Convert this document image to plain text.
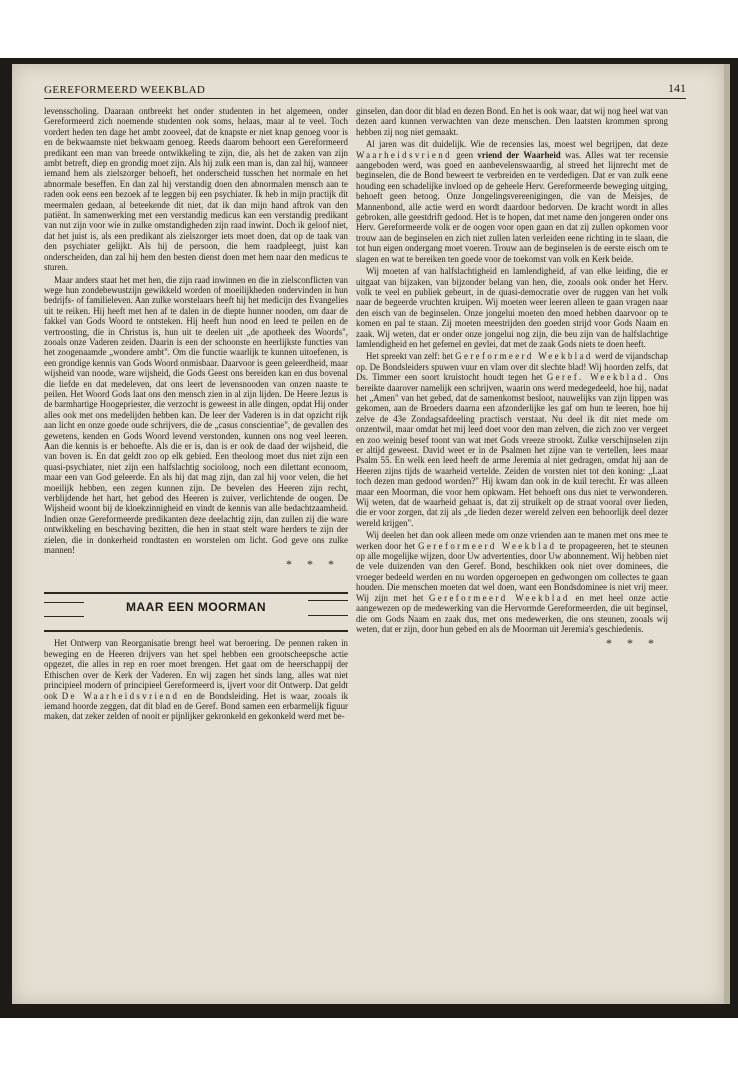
GEREFORMEERD WEEKBLAD	141

levensscholing. Daaraan ontbreekt het onder studenten in het algemeen, onder Gereformeerd zich noemende studenten ook soms, helaas, maar al te veel. Toch vordert heden ten dage het ambt zooveel, dat de knapste er niet knap genoeg voor is en de bekwaamste niet bekwaam genoeg. Reeds daarom behoort een Gereformeerd predikant een man van breede ontwikkeling te zijn, die, als het de zaken van zijn ambt betreft, diep en grondig moet zijn. Als hij zulk een man is, dan zal hij, wanneer iemand hem als zielszorger behoeft, het onderscheid tusschen het normale en het abnormale beseffen. En dan zal hij verstandig doen den abnormalen mensch aan te raden ook eens een bezoek af te leggen bij een psychiater. Ik heb in mijn practijk dit meermalen gedaan, al beteekende dit niet, dat ik dan mijn hand aftrok van den patiënt. In samenwerking met een verstandig medicus kan een verstandig predikant van nut zijn voor wie in zulke omstandigheden zijn raad inwint. Doch ik geloof niet, dat het juist is, als een predikant als zielszorger iets moet doen, dat op de taak van den psychiater gelijkt. Als hij de persoon, die hem raadpleegt, juist kan onderscheiden, dan zal hij hem den besten dienst doen met hem naar den medicus te sturen.

Maar anders staat het met hen, die zijn raad inwinnen en die in zielsconflicten van wege hun zondebewustzijn gewikkeld worden of moeilijkheden ondervinden in hun bedrijfs- of familieleven. Aan zulke worstelaars heeft hij het medicijn des Evangelies uit te reiken. Hij heeft met hen af te dalen in de diepte hunner nooden, om daar de fakkel van Gods Woord te ontsteken. Hij heeft hun nood en leed te peilen en de vertroosting, die in Christus is, hun uit te deelen uit „de apotheek des Woords", zooals onze Vaderen zeiden. Daarin is een der schoonste en heerlijkste functies van het zoogenaamde „wondere ambt". Om die functie waarlijk te kunnen uitoefenen, is een grondige kennis van Gods Woord onmisbaar. Daarvoor is geen geleerdheid, maar wijsheid van noode, ware wijsheid, die Gods Geest ons bereiden kan en dus bovenal die liefde en dat medeleven, dat ons leert de levensnooden van onzen naaste te peilen. Het Woord Gods laat ons den mensch zien in al zijn lijden. De Heere Jezus is de barmhartige Hoogepriester, die verzocht is geweest in alle dingen, opdat Hij onder alles ook met ons medelijden hebben kan. De leer der Vaderen is in dat opzicht rijk aan licht en onze goede oude schrijvers, die de „casus conscientiae", de gevallen des gewetens, kenden en Gods Woord levend verstonden, kunnen ons nog veel leeren. Aan die kennis is er behoefte. Als die er is, dan is er ook de daad der wijsheid, die van boven is. En dat geldt zoo op elk gebied. Een theoloog moet dus niet zijn een quasi-psychiater, niet zijn een halfslachtig socioloog, noch een dilettant econoom, maar een van God geleerde. En als hij dat mag zijn, dan zal hij voor velen, die het moeilijk hebben, een zegen kunnen zijn. De bevelen des Heeren zijn recht, verblijdende het hart, het gebod des Heeren is zuiver, verlichtende de oogen. De Wijsheid woont bij de kloekzinnigheid en vindt de kennis van alle bedachtzaamheid. Indien onze Gereformeerde predikanten deze deelachtig zijn, dan zullen zij die ware ontwikkeling en beschaving bezitten, die hen in staat stelt ware herders te zijn der zielen, die in donkerheid rondtasten en worstelen om licht. God geve ons zulke mannen!

* * *
MAAR EEN MOORMAN

Het Ontwerp van Reorganisatie brengt heel wat beroering. De pennen raken in beweging en de Heeren drijvers van het spel hebben een grootscheepsche actie opgezet, die alles in rep en roer moet brengen. Het gaat om de heerschappij der Ethischen over de Kerk der Vaderen. En wij zagen het sinds lang, alles wat niet principieel modern of principieel Gereformeerd is, ijvert voor dit Ontwerp. Dat geldt ook De Waarheidsvriend en de Bondsleiding. Het is waar, zooals ik iemand hoorde zeggen, dat dit blad en de Geref. Bond samen een erbarmelijk figuur maken, dat zeker zelden of nooit er pijnlijker gekronkeld en gekonkeld werd met be-

ginselen, dan door dit blad en dezen Bond. En het is ook waar, dat wij nog heel wat van dezen aard kunnen verwachten van deze menschen. Den laatsten krommen sprong hebben zij nog niet gemaakt.

Al jaren was dit duidelijk. Wie de recensies las, moest wel begrijpen, dat deze Waarheidsvriend geen vriend der Waarheid was. Alles wat ter recensie aangeboden werd, was goed en aanbevelenswaardig, al streed het lijnrecht met de beginselen, die de Bond beweert te verbreiden en te verdedigen. Dat er van zulk eene houding een schadelijke invloed op de geheele Herv. Gereformeerde beweging uitging, behoeft geen betoog. Onze Jongelingsvereenigingen, die van de Meisjes, de Mannenbond, alle actie werd en wordt daardoor bedorven. De kracht wordt in alles gebroken, alle geestdrift gedood. Het is te hopen, dat met name den jongeren onder ons Herv. Gereformeerde volk er de oogen voor open gaan en dat zij zullen opkomen voor trouw aan de beginselen en zich niet zullen laten verleiden eene richting in te slaan, die tot hun eigen ondergang moet voeren. Trouw aan de beginselen is de eerste eisch om te slagen en wat te bereiken ten goede voor de toekomst van volk en Kerk beide.

Wij moeten af van halfslachtigheid en lamlendigheid, af van elke leiding, die er uitgaat van bijzaken, van bijzonder belang van hen, die, zooals ook onder het Herv. volk te veel en publiek gebeurt, in de quasi-democratie over de ruggen van het volk naar de begeerde vruchten kruipen. Wij moeten weer leeren alleen te gaan vragen naar den eisch van de beginselen. Onze jongelui moeten den moed hebben daarvoor op te komen en pal te staan. Zij moeten meestrijden den goeden strijd voor Gods Naam en zaak. Wij weten, dat er onder onze jongelui nog zijn, die beu zijn van de halfslachtige lamlendigheid en het gefemel en gevlei, dat met de zaak Gods niets te doen heeft.

Het spreekt van zelf: het Gereformeerd Weekblad werd de vijandschap op. De Bondsleiders spuwen vuur en vlam over dit slechte blad! Wij hoorden zelfs, dat Ds. Timmer een soort kruistocht houdt tegen het Geref. Weekblad. Ons bereikte daarover namelijk een schrijven, waarin ons werd medegedeeld, hoe hij, nadat het „Amen" van het gebed, dat de samenkomst besloot, nauwelijks van zijn lippen was gekomen, aan de Broeders daarna een afzonderlijke les gaf om hun te leeren, hoe hij zelve de 43e Zondagsafdeeling practisch verstaat. Nu deel ik dit niet mede om onzentwil, maar omdat het mij leed doet voor den man zelven, die zich zoo ver vergeet en zoo weinig besef toont van wat met Gods vreeze strookt. Zulke verschijnselen zijn er altijd geweest. David weet er in de Psalmen het zijne van te vertellen, lees maar Psalm 55. En welk een leed heeft de arme Jeremia al niet gedragen, omdat hij aan de Heeren zijns tijds de waarheid vertelde. Zeiden de vorsten niet tot den koning: „Laat toch dezen man gedood worden?" Hij kwam dan ook in de kuil terecht. Er was alleen maar een Moorman, die voor hem opkwam. Het behoeft ons dus niet te verwonderen. Wij weten, dat de waarheid gehaat is, dat zij struikelt op de straat vooral over lieden, die er voor zorgen, dat zij als „de lieden dezer wereld zelven een behoorlijk deel dezer wereld krijgen".

Wij deelen het dan ook alleen mede om onze vrienden aan te manen met ons mee te werken door het Gereformeerd Weekblad te propageeren, het te steunen op alle mogelijke wijzen, door Uw advertenties, door Uw abonnement. Wij hebben niet de vele duizenden van den Geref. Bond, beschikken ook niet over dominees, die vroeger bedeeld werden en nu worden opgeroepen en gedwongen om collectes te gaan houden. Die menschen moeten dat wel doen, want een Bondsdominee is niet vrij meer. Wij zijn met het Gereformeerd Weekblad en met heel onze actie aangewezen op de medewerking van die Hervormde Gereformeerden, die uit beginsel, die om Gods Naam en zaak dus, met ons medewerken, die ons steunen, zooals wij weten, dat er zijn, door hun gebed en als de Moorman uit Jeremia's geschiedenis.

* * *
